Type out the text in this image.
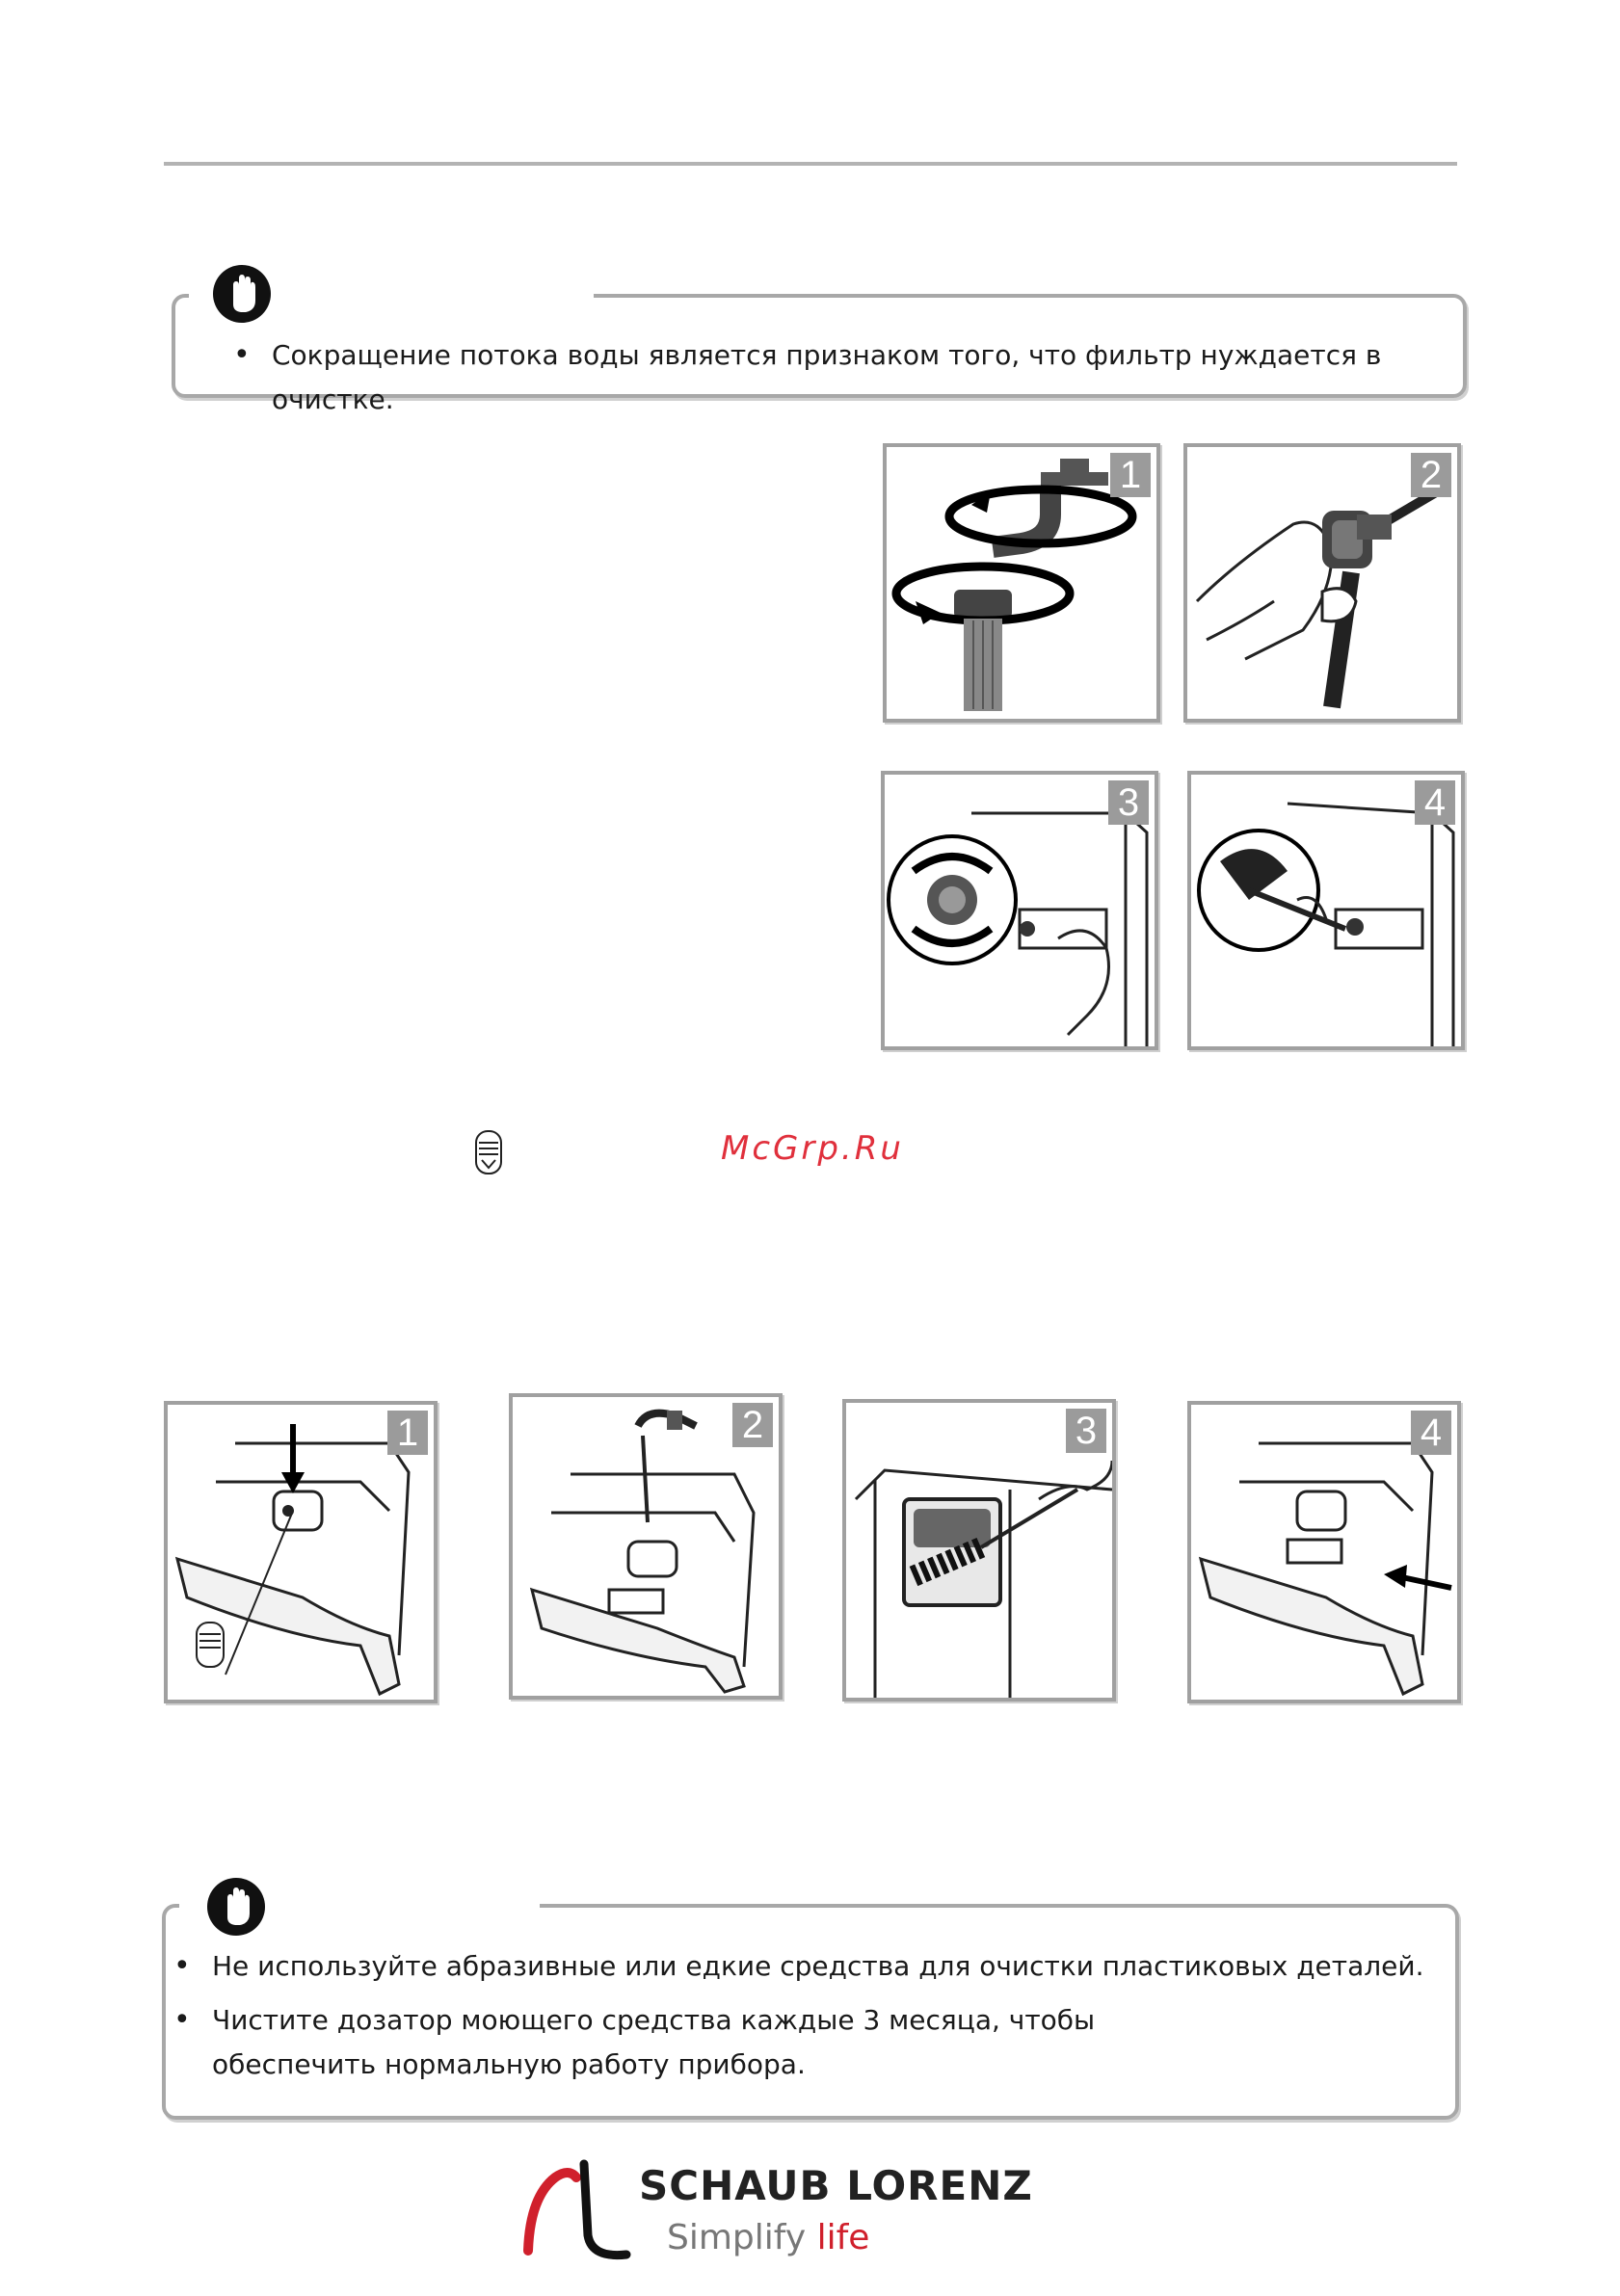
• Сокращение потока воды является признаком того, что фильтр нуждается в очистке.
1	2
3	4
McGrp.Ru
1	2	3	4
• Не используйте абразивные или едкие средства для очистки пластиковых деталей.
• Чистите дозатор моющего средства каждые 3 месяца, чтобы обеспечить нормальную работу прибора.
SCHAUB LORENZ
Simplify life
